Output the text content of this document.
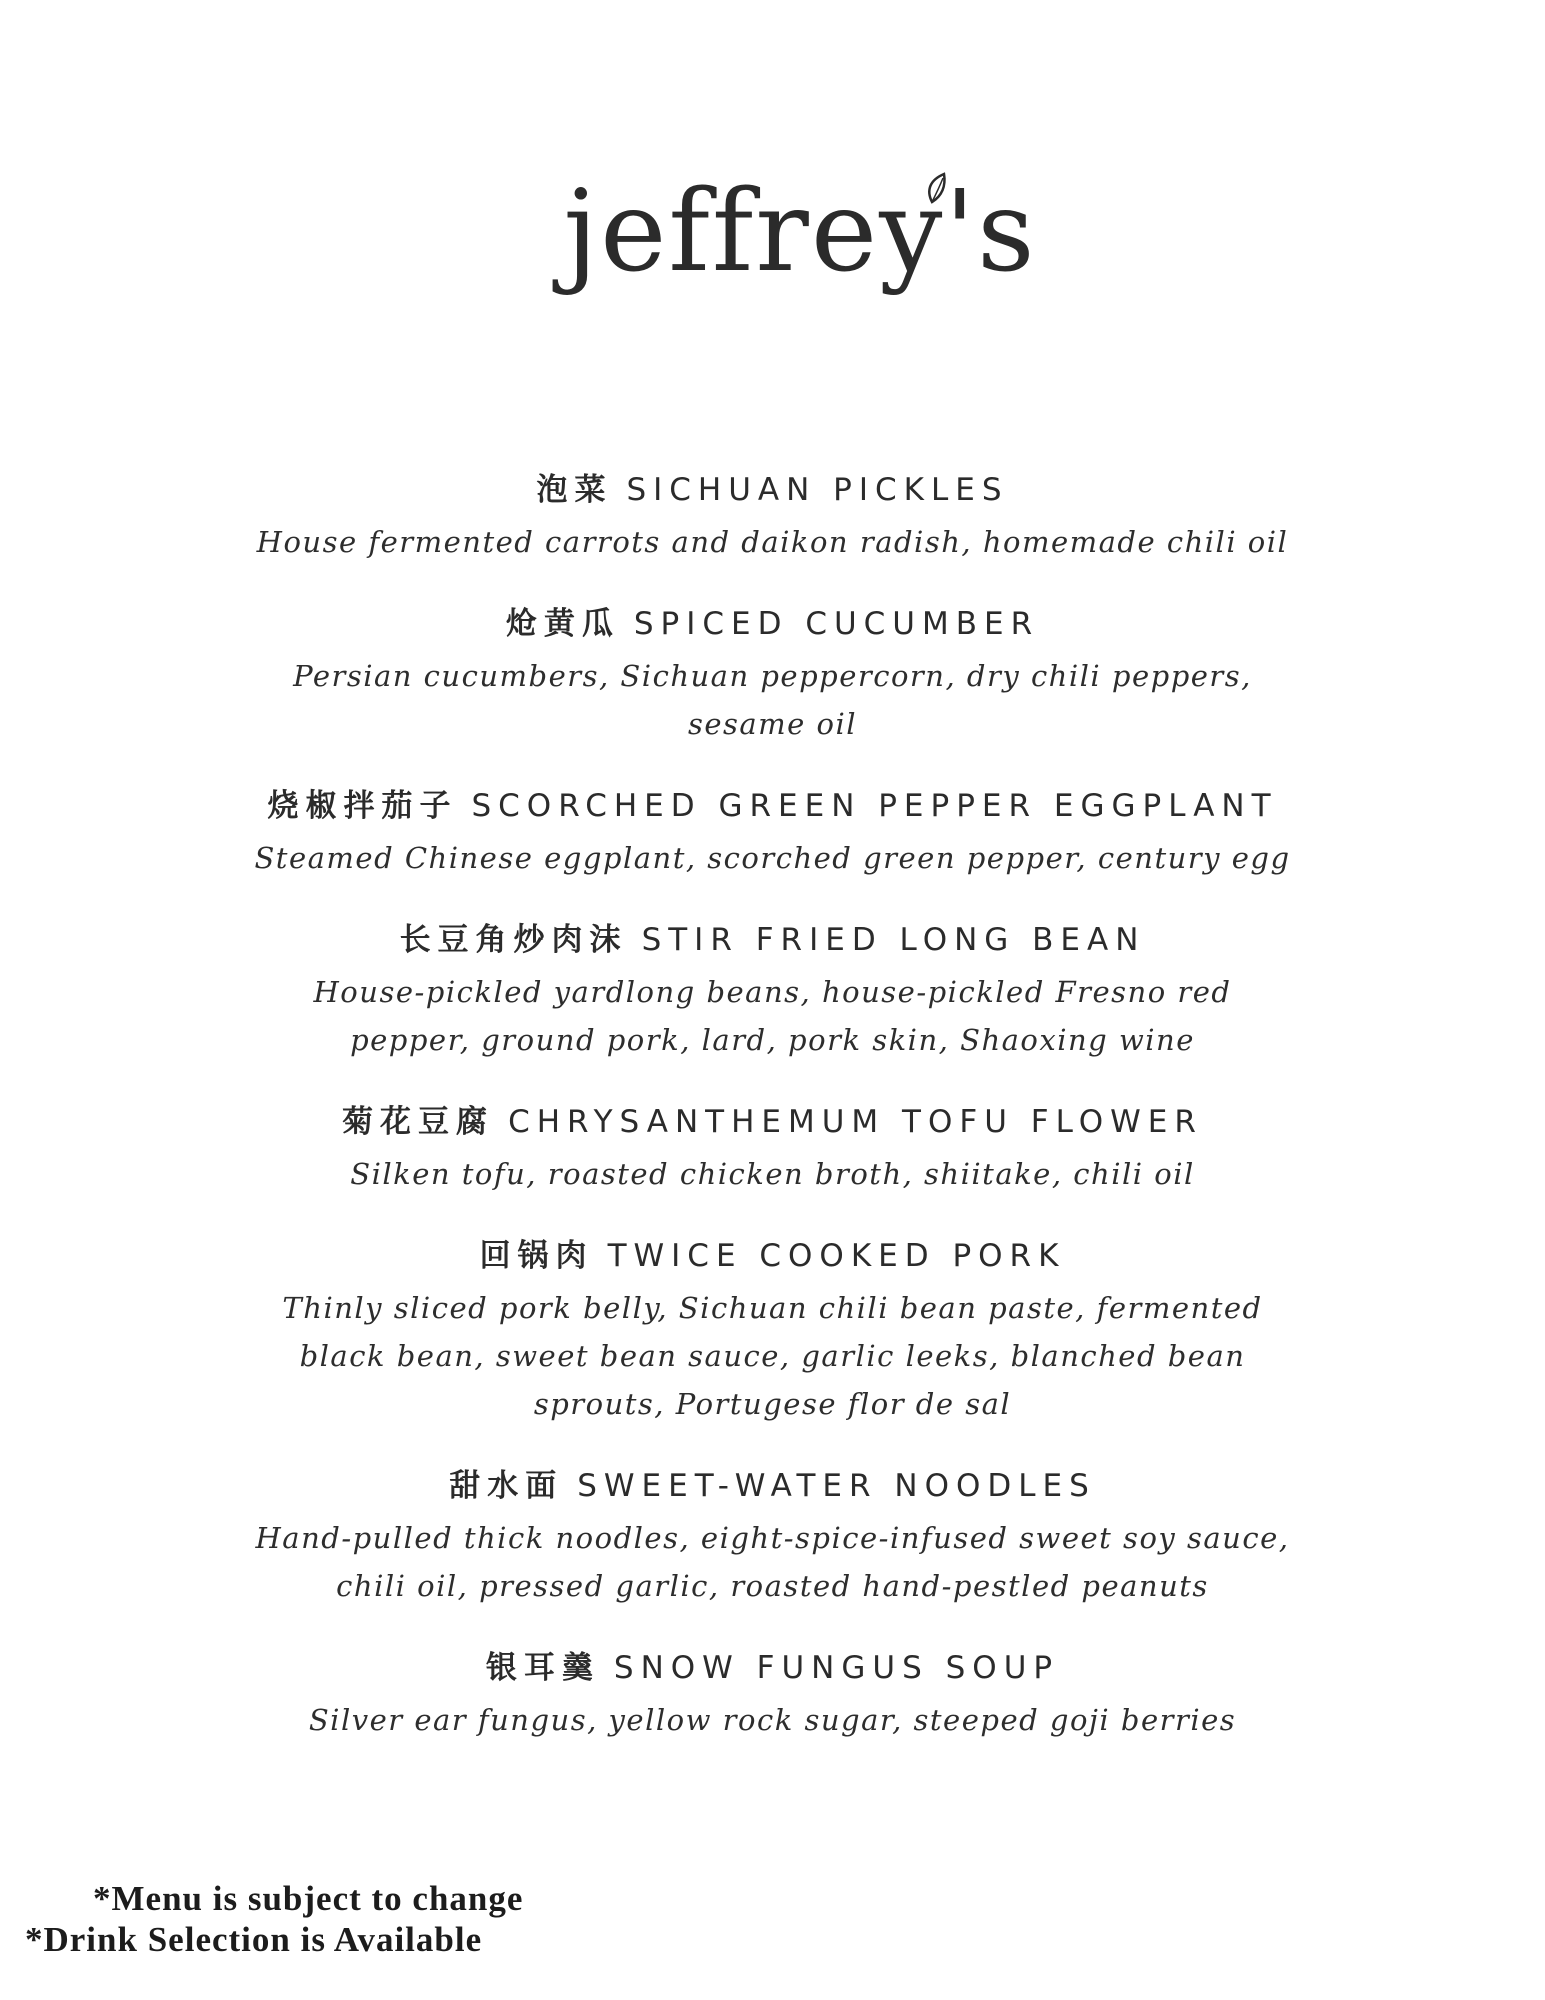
jeffrey's
泡菜 SICHUAN PICKLES
House fermented carrots and daikon radish, homemade chili oil
炝黄瓜 SPICED CUCUMBER
Persian cucumbers, Sichuan peppercorn, dry chili peppers, sesame oil
烧椒拌茄子 SCORCHED GREEN PEPPER EGGPLANT
Steamed Chinese eggplant, scorched green pepper, century egg
长豆角炒肉沫 STIR FRIED LONG BEAN
House-pickled yardlong beans, house-pickled Fresno red pepper, ground pork, lard, pork skin, Shaoxing wine
菊花豆腐 CHRYSANTHEMUM TOFU FLOWER
Silken tofu, roasted chicken broth, shiitake, chili oil
回锅肉 TWICE COOKED PORK
Thinly sliced pork belly, Sichuan chili bean paste, fermented black bean, sweet bean sauce, garlic leeks, blanched bean sprouts, Portugese flor de sal
甜水面 SWEET-WATER NOODLES
Hand-pulled thick noodles, eight-spice-infused sweet soy sauce, chili oil, pressed garlic, roasted hand-pestled peanuts
银耳羹 SNOW FUNGUS SOUP
Silver ear fungus, yellow rock sugar, steeped goji berries
*Menu is subject to change
*Drink Selection is Available
